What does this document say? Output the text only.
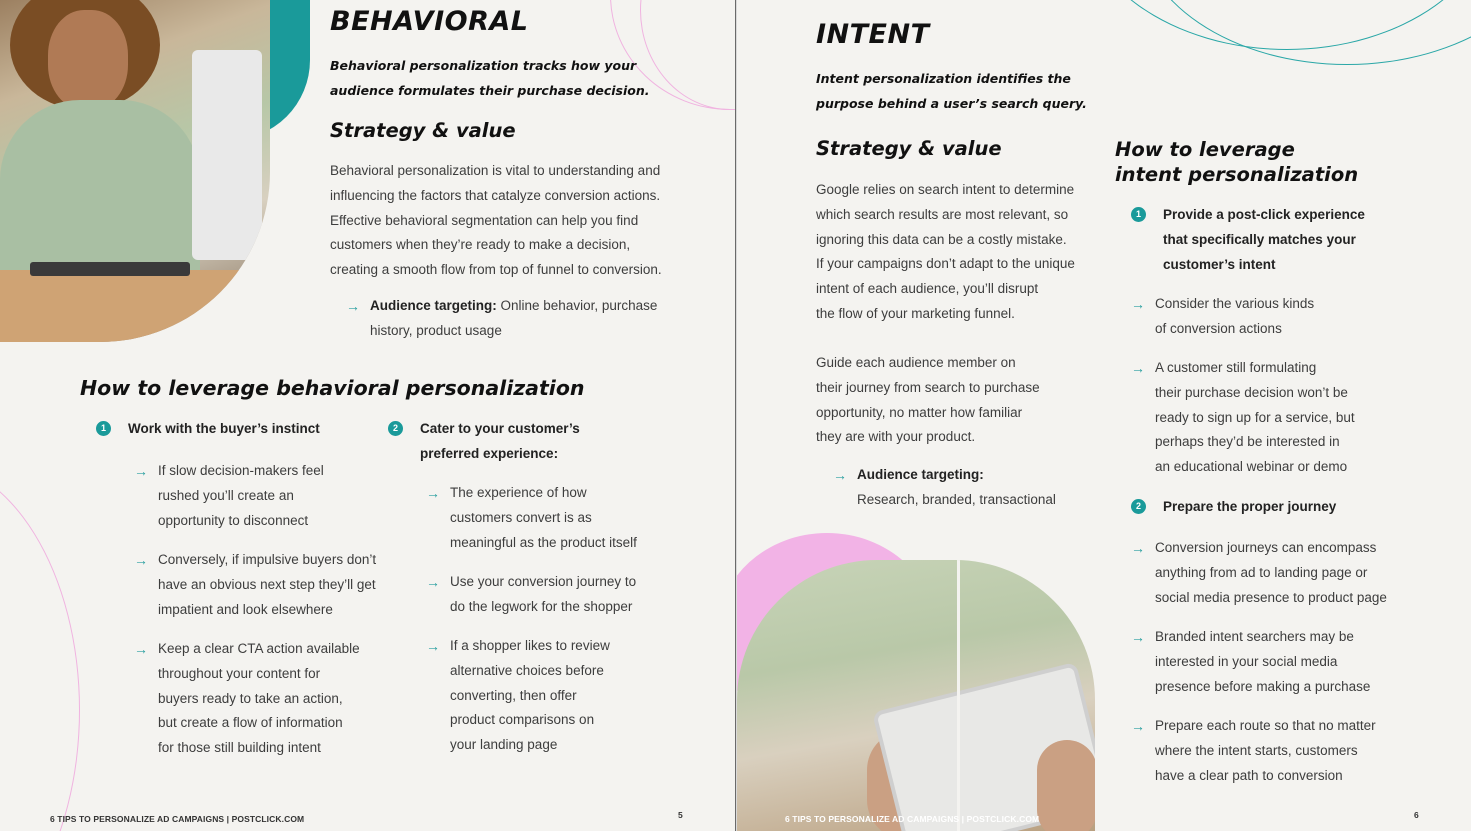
BEHAVIORAL
Behavioral personalization tracks how your
audience formulates their purchase decision.
Strategy & value
Behavioral personalization is vital to understanding and
influencing the factors that catalyze conversion actions.
Effective behavioral segmentation can help you find
customers when they’re ready to make a decision,
creating a smooth flow from top of funnel to conversion.
→ Audience targeting: Online behavior, purchase
history, product usage
How to leverage behavioral personalization
1	Work with the buyer’s instinct
→ If slow decision-makers feel
rushed you’ll create an
opportunity to disconnect
→ Conversely, if impulsive buyers don’t
have an obvious next step they’ll get
impatient and look elsewhere
→ Keep a clear CTA action available
throughout your content for
buyers ready to take an action,
but create a flow of information
for those still building intent
2	Cater to your customer’s
preferred experience:
→ The experience of how
customers convert is as
meaningful as the product itself
→ Use your conversion journey to
do the legwork for the shopper
→ If a shopper likes to review
alternative choices before
converting, then offer
product comparisons on
your landing page
6 TIPS TO PERSONALIZE AD CAMPAIGNS | POSTCLICK.COM	5
INTENT
Intent personalization identifies the
purpose behind a user’s search query.
Strategy & value
Google relies on search intent to determine
which search results are most relevant, so
ignoring this data can be a costly mistake.
If your campaigns don’t adapt to the unique
intent of each audience, you’ll disrupt
the flow of your marketing funnel.
Guide each audience member on
their journey from search to purchase
opportunity, no matter how familiar
they are with your product.
→ Audience targeting:
Research, branded, transactional
How to leverage
intent personalization
1	Provide a post-click experience
that specifically matches your
customer’s intent
→ Consider the various kinds
of conversion actions
→ A customer still formulating
their purchase decision won’t be
ready to sign up for a service, but
perhaps they’d be interested in
an educational webinar or demo
2	Prepare the proper journey
→ Conversion journeys can encompass
anything from ad to landing page or
social media presence to product page
→ Branded intent searchers may be
interested in your social media
presence before making a purchase
→ Prepare each route so that no matter
where the intent starts, customers
have a clear path to conversion
6 TIPS TO PERSONALIZE AD CAMPAIGNS | POSTCLICK.COM	6
